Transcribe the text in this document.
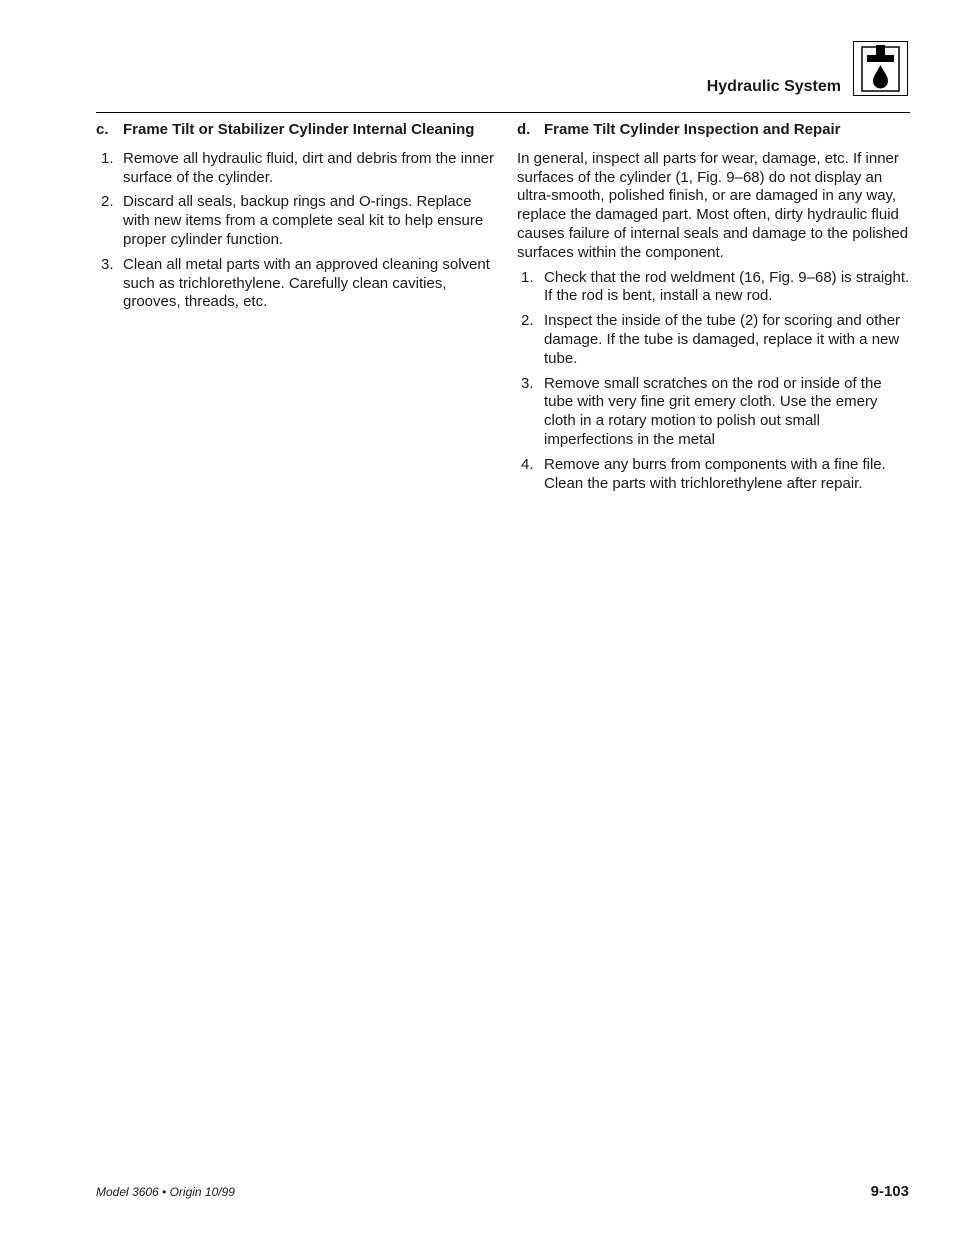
Hydraulic System
c. Frame Tilt or Stabilizer Cylinder Internal Cleaning
1. Remove all hydraulic fluid, dirt and debris from the inner surface of the cylinder.
2. Discard all seals, backup rings and O-rings. Replace with new items from a complete seal kit to help ensure proper cylinder function.
3. Clean all metal parts with an approved cleaning solvent such as trichlorethylene. Carefully clean cavities, grooves, threads, etc.
d. Frame Tilt Cylinder Inspection and Repair

In general, inspect all parts for wear, damage, etc. If inner surfaces of the cylinder (1, Fig. 9–68) do not display an ultra-smooth, polished finish, or are damaged in any way, replace the damaged part. Most often, dirty hydraulic fluid causes failure of internal seals and damage to the polished surfaces within the component.

1. Check that the rod weldment (16, Fig. 9–68) is straight. If the rod is bent, install a new rod.
2. Inspect the inside of the tube (2) for scoring and other damage. If the tube is damaged, replace it with a new tube.
3. Remove small scratches on the rod or inside of the tube with very fine grit emery cloth. Use the emery cloth in a rotary motion to polish out small imperfections in the metal
4. Remove any burrs from components with a fine file. Clean the parts with trichlorethylene after repair.
Model 3606 • Origin 10/99	9-103
